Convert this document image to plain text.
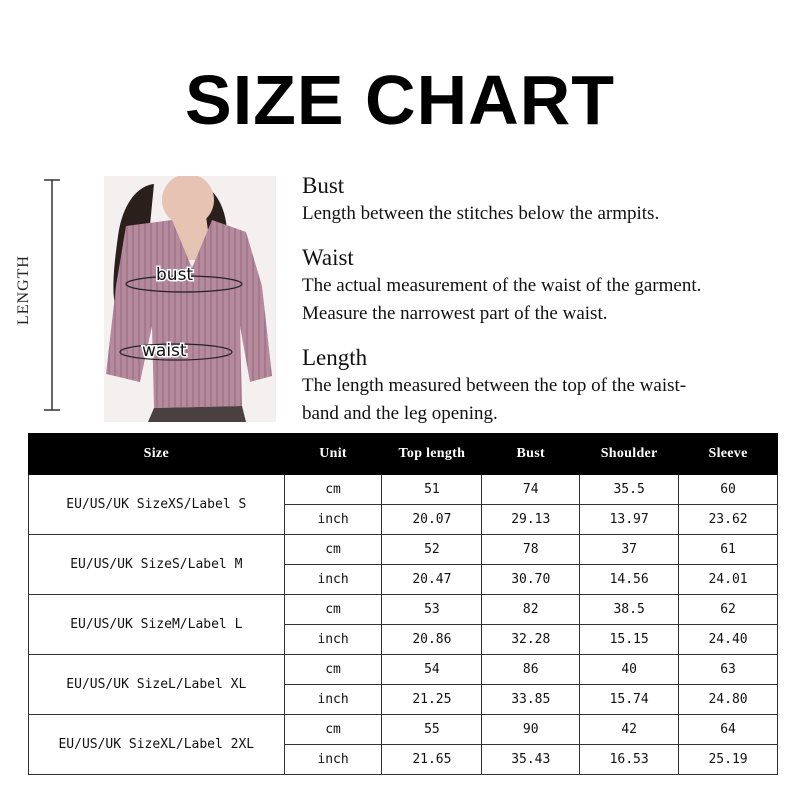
SIZE CHART
LENGTH	bust
waist
Bust
Length between the stitches below the armpits.
Waist
The actual measurement of the waist of the garment.
Measure the narrowest part of the waist.
Length
The length measured between the top of the waist-
band and the leg opening.
Size	Unit	Top length	Bust	Shoulder	Sleeve
EU/US/UK SizeXS/Label S	cm	51	74	35.5	60
	inch	20.07	29.13	13.97	23.62
EU/US/UK SizeS/Label M	cm	52	78	37	61
	inch	20.47	30.70	14.56	24.01
EU/US/UK SizeM/Label L	cm	53	82	38.5	62
	inch	20.86	32.28	15.15	24.40
EU/US/UK SizeL/Label XL	cm	54	86	40	63
	inch	21.25	33.85	15.74	24.80
EU/US/UK SizeXL/Label 2XL	cm	55	90	42	64
	inch	21.65	35.43	16.53	25.19
